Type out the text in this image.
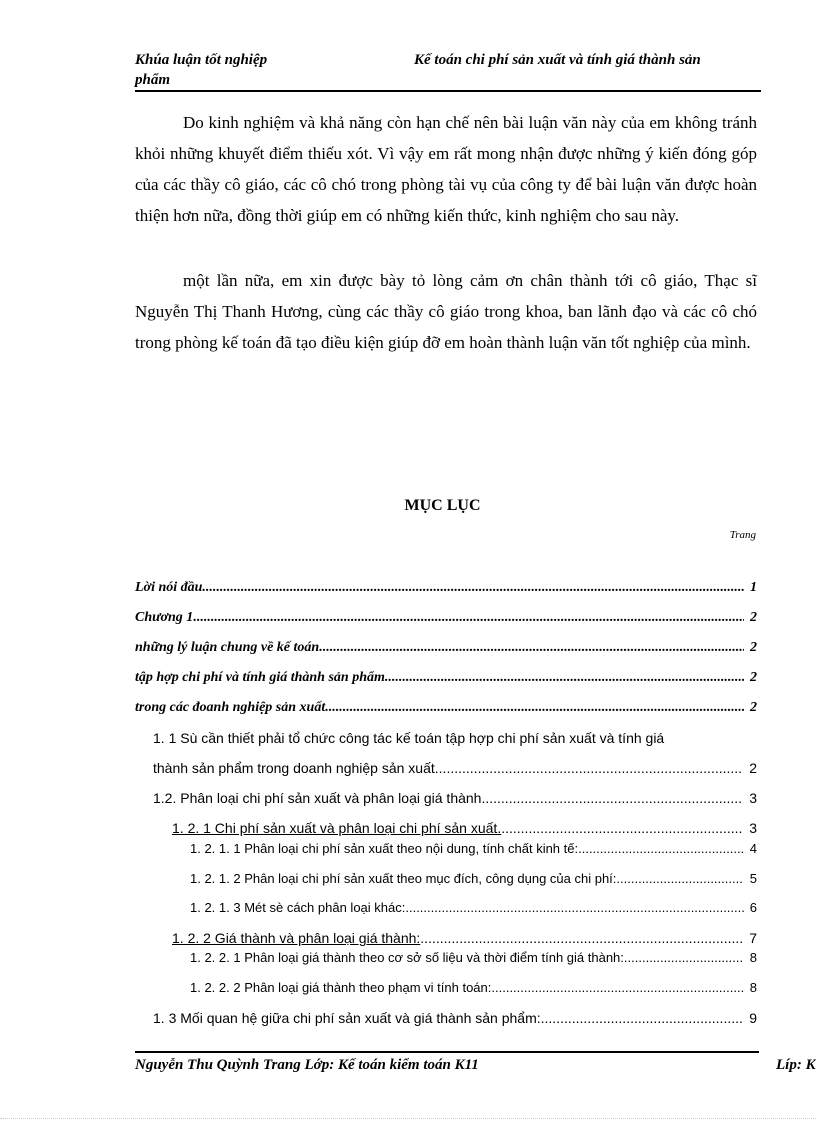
Khúa luận tốt nghiệp
phẩm
Kế toán chi phí sản xuất và tính giá thành sản

Do kinh nghiệm và khả năng còn hạn chế nên bài luận văn này của em không tránh khỏi những khuyết điểm thiếu xót. Vì vậy em rất mong nhận được những ý kiến đóng góp của các thầy cô giáo, các cô chó trong phòng tài vụ của công ty để bài luận văn được hoàn thiện hơn nữa, đồng thời giúp em có những kiến thức, kinh nghiệm cho sau này.

một lần nữa, em xin được bày tỏ lòng cảm ơn chân thành tới cô giáo, Thạc sĩ Nguyễn Thị Thanh Hương, cùng các thầy cô giáo trong khoa, ban lãnh đạo và các cô chó trong phòng kế toán đã tạo điều kiện giúp đỡ em hoàn thành luận văn tốt nghiệp của mình.

MỤC LỤC
Trang
Lời nói đầu .....	1
Chương 1 .....	2
những lý luận chung về kế toán .....	2
tập hợp chi phí và tính giá thành sản phẩm .....	2
trong các đoanh nghiệp sản xuất .....	2
1. 1 Sù cần thiết phải tổ chức công tác kế toán tập hợp chi phí sản xuất và tính giá
thành sản phẩm trong doanh nghiệp sản xuất .....	2
1.2. Phân loại chi phí sản xuất và phân loại giá thành .....	3
1. 2. 1 Chi phí sản xuất và phân loại chi phí sản xuất. .....	3
1. 2. 1. 1 Phân loại chi phí sản xuất theo nội dung, tính chất kinh tế: .....	4
1. 2. 1. 2 Phân loại chi phí sản xuất theo mục đích, công dụng của chi phí: .....	5
1. 2. 1. 3 Mét sè cách phân loại khác: .....	6
1. 2. 2 Giá thành và phân loại giá thành: .....	7
1. 2. 2. 1 Phân loại giá thành theo cơ sở số liệu và thời điểm tính giá thành: .....	8
1. 2. 2. 2 Phân loại giá thành theo phạm vi tính toán: .....	8
1. 3 Mối quan hệ giữa chi phí sản xuất và giá thành sản phẩm: .....	9
Nguyễn Thu Quỳnh Trang Lớp: Kế toán kiểm toán K11	Líp: K
